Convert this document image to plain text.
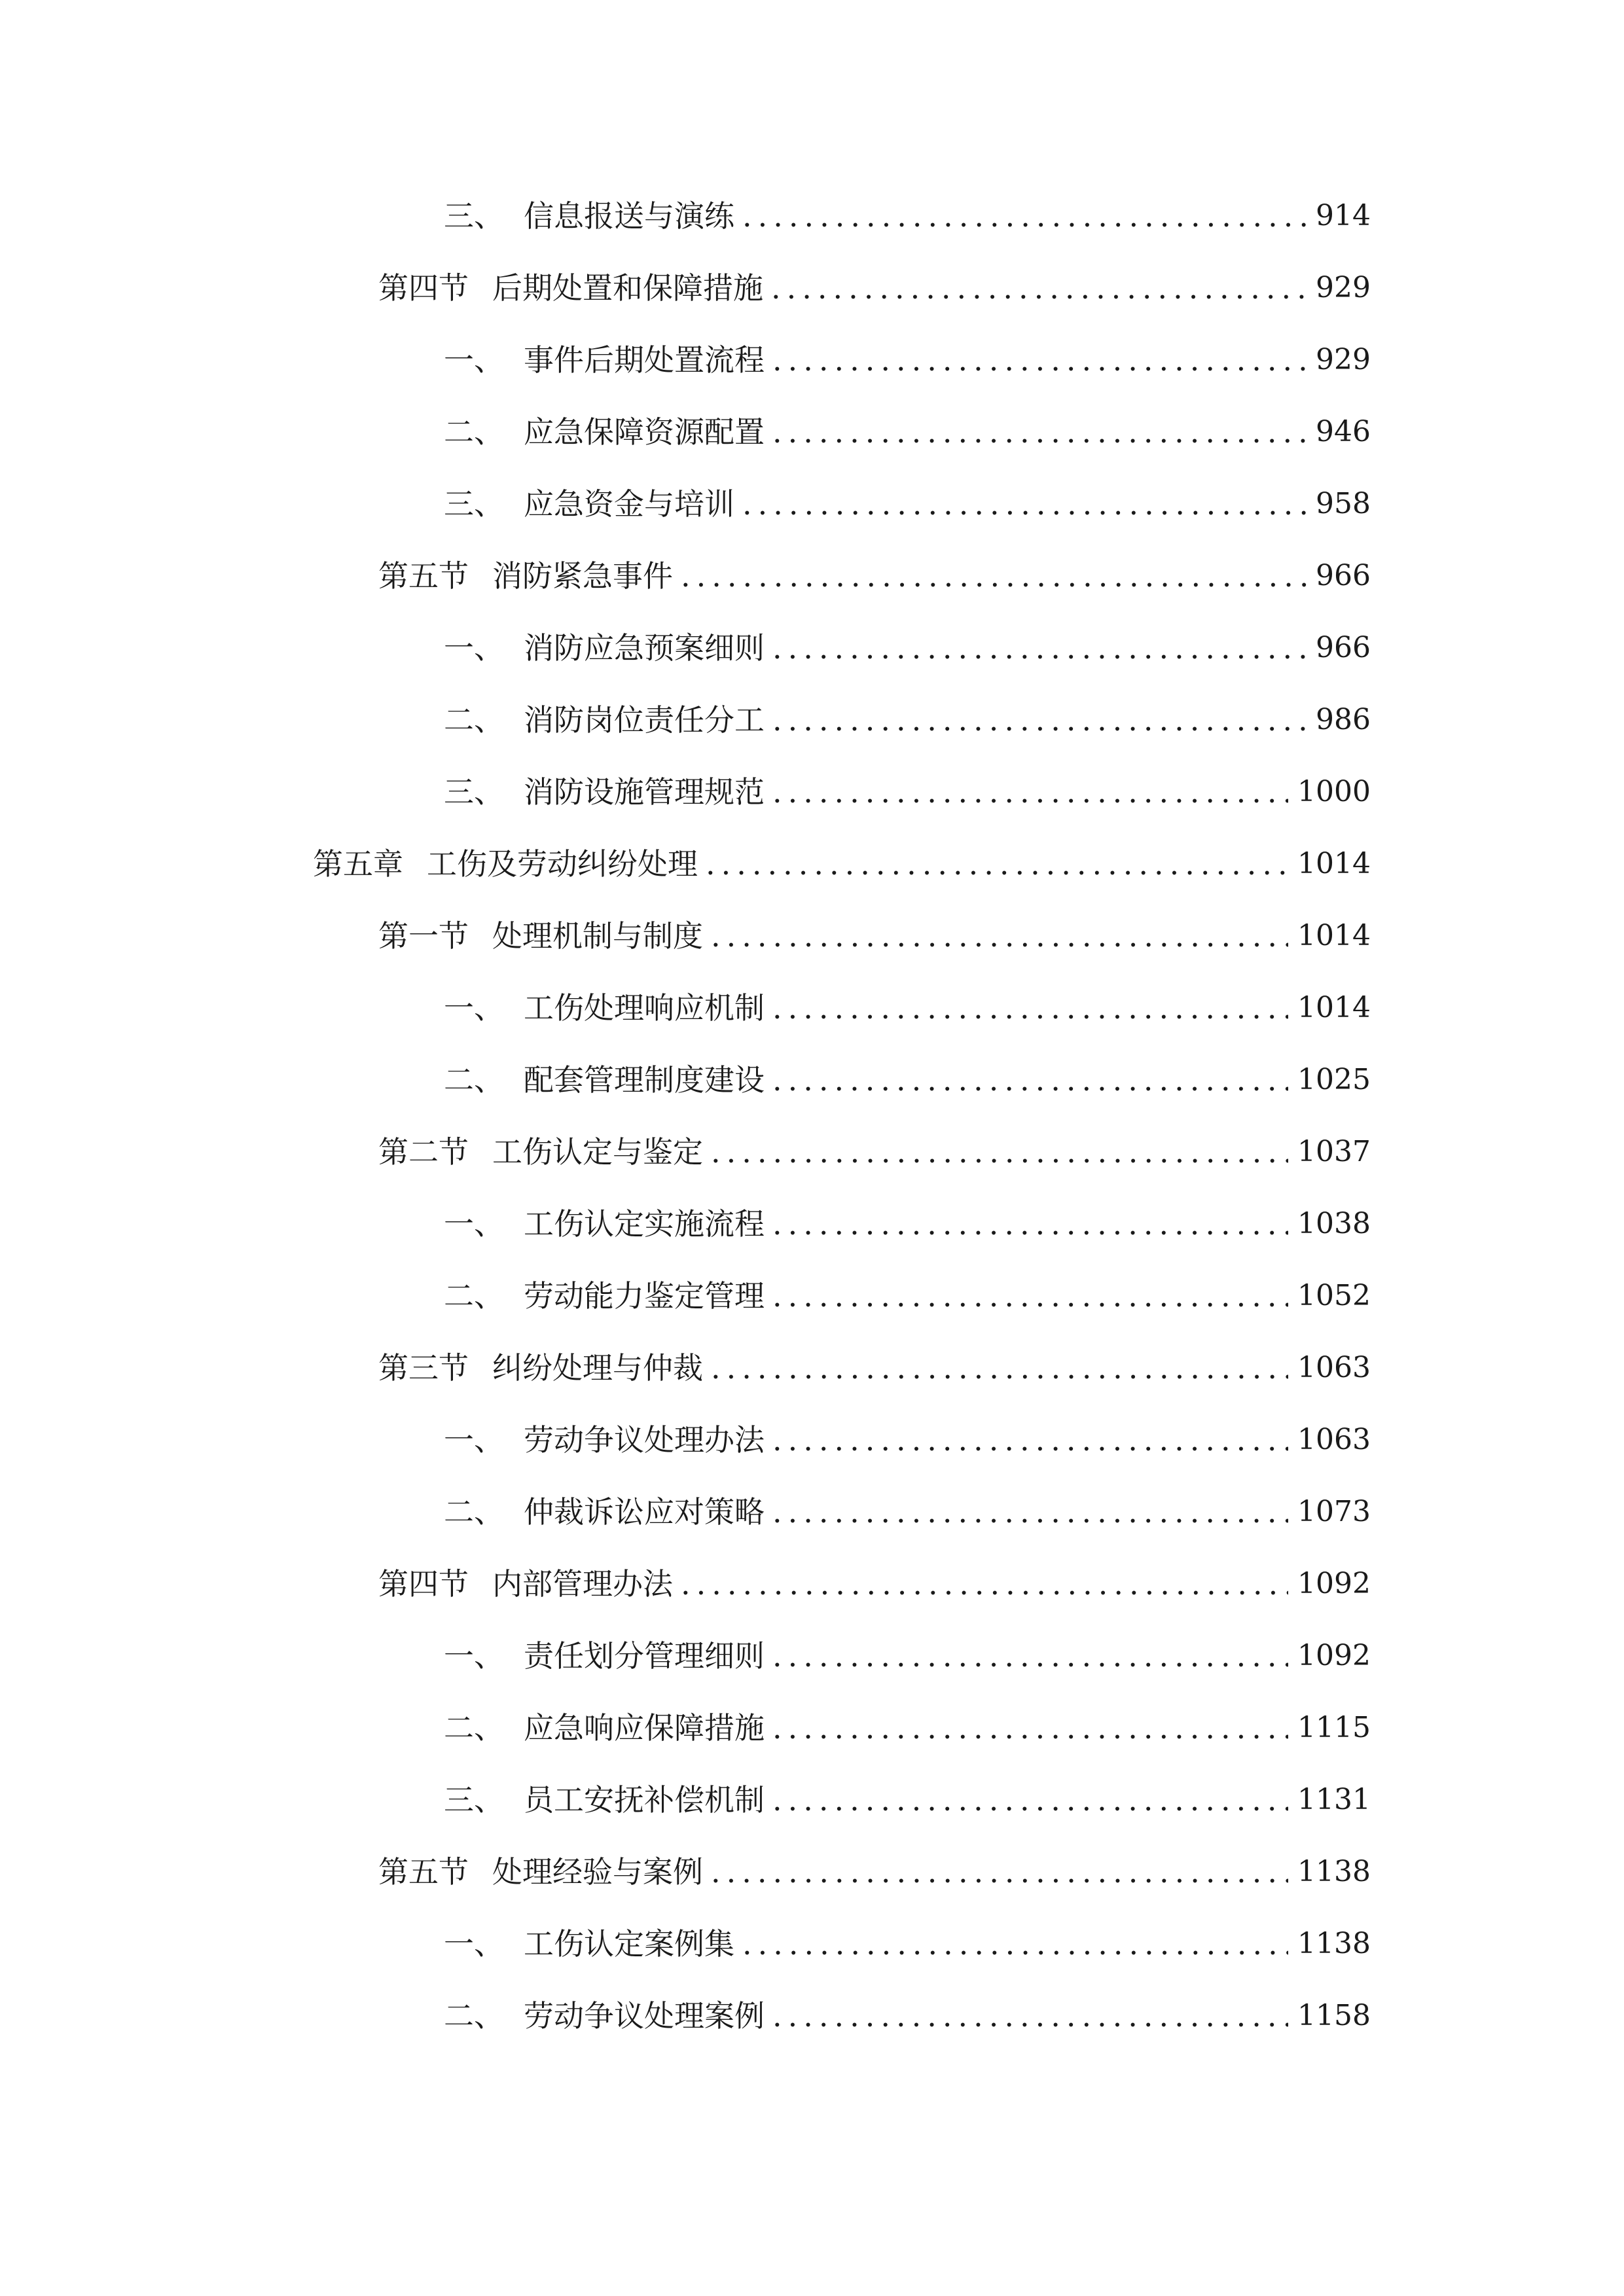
三、 信息报送与演练 .....	914
第四节 后期处置和保障措施 .....	929
一、 事件后期处置流程 .....	929
二、 应急保障资源配置 .....	946
三、 应急资金与培训 .....	958
第五节 消防紧急事件 .....	966
一、 消防应急预案细则 .....	966
二、 消防岗位责任分工 .....	986
三、 消防设施管理规范 .....	1000
第五章 工伤及劳动纠纷处理 .....	1014
第一节 处理机制与制度 .....	1014
一、 工伤处理响应机制 .....	1014
二、 配套管理制度建设 .....	1025
第二节 工伤认定与鉴定 .....	1037
一、 工伤认定实施流程 .....	1038
二、 劳动能力鉴定管理 .....	1052
第三节 纠纷处理与仲裁 .....	1063
一、 劳动争议处理办法 .....	1063
二、 仲裁诉讼应对策略 .....	1073
第四节 内部管理办法 .....	1092
一、 责任划分管理细则 .....	1092
二、 应急响应保障措施 .....	1115
三、 员工安抚补偿机制 .....	1131
第五节 处理经验与案例 .....	1138
一、 工伤认定案例集 .....	1138
二、 劳动争议处理案例 .....	1158
